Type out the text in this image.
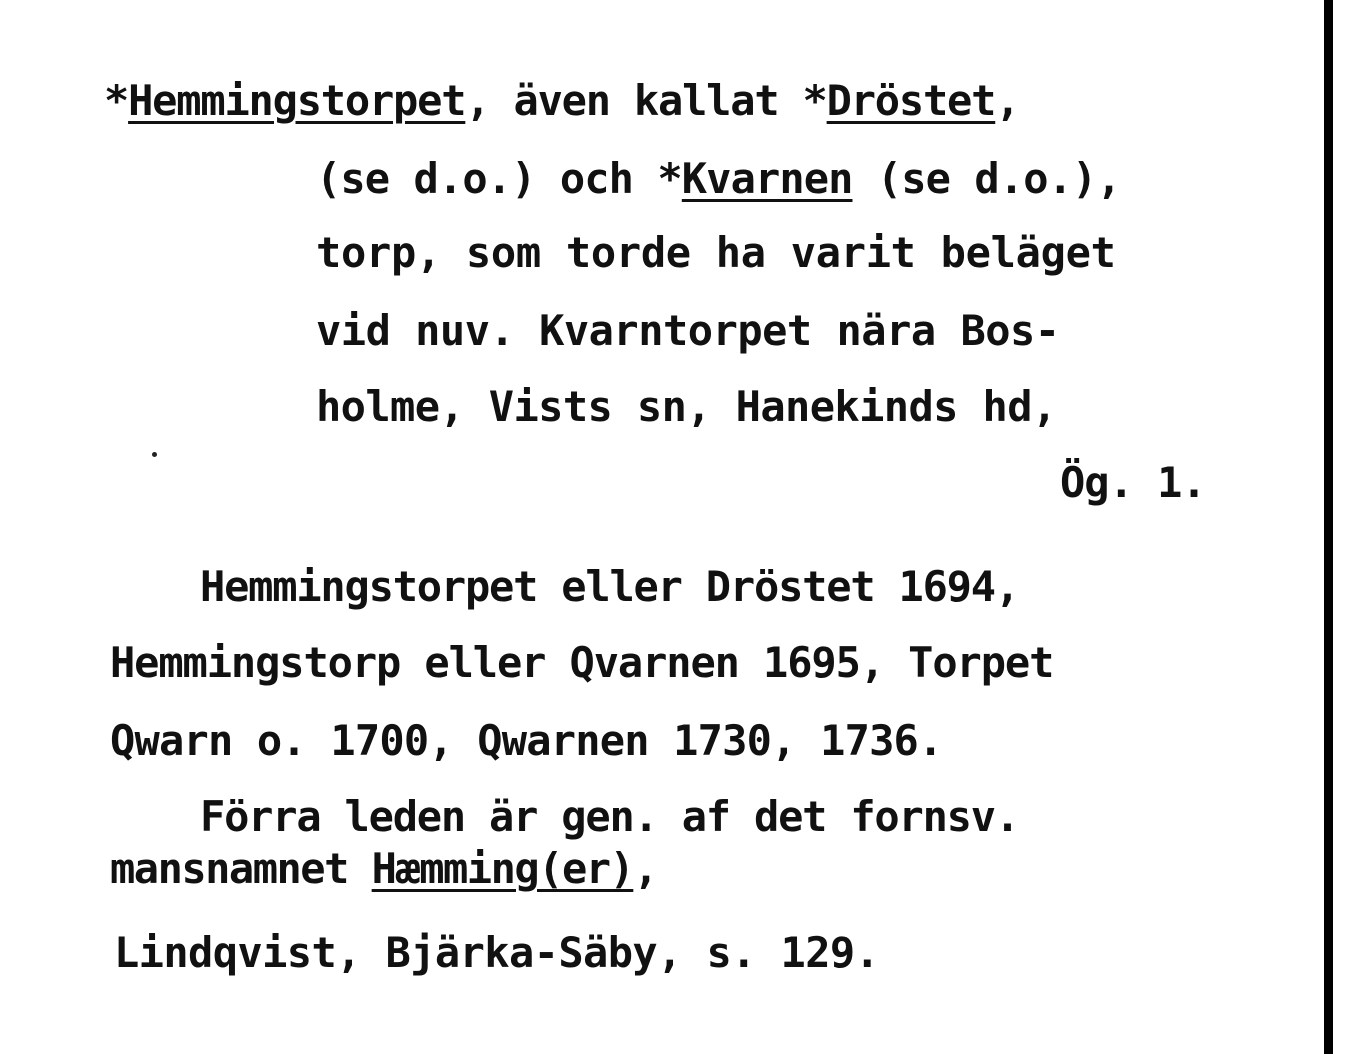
*Hemmingstorpet, även kallat *Dröstet,
(se d.o.) och *Kvarnen (se d.o.),
torp, som torde ha varit beläget
vid nuv. Kvarntorpet nära Bos-
holme, Vists sn, Hanekinds hd,
Ög. 1.
Hemmingstorpet eller Dröstet 1694,
Hemmingstorp eller Qvarnen 1695, Torpet
Qwarn o. 1700, Qwarnen 1730, 1736.
Förra leden är gen. af det fornsv.
mansnamnet Hæmming(er),
Lindqvist, Bjärka-Säby, s. 129.
